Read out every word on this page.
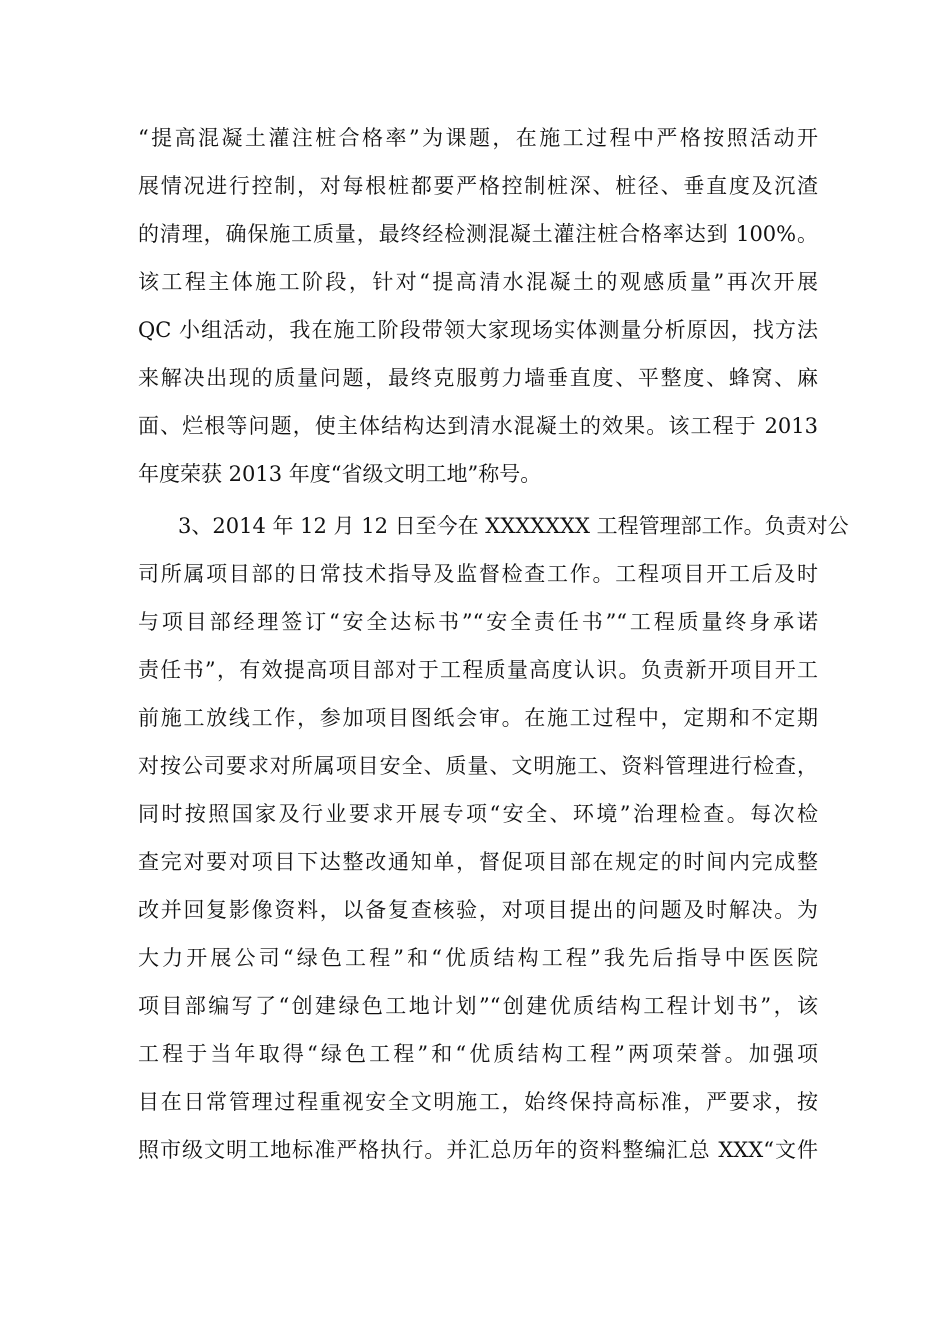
“提高混凝土灌注桩合格率”为课题，在施工过程中严格按照活动开
展情况进行控制，对每根桩都要严格控制桩深、桩径、垂直度及沉渣
的清理，确保施工质量，最终经检测混凝土灌注桩合格率达到 100%。
该工程主体施工阶段，针对“提高清水混凝土的观感质量”再次开展
QC 小组活动，我在施工阶段带领大家现场实体测量分析原因，找方法
来解决出现的质量问题，最终克服剪力墙垂直度、平整度、蜂窝、麻
面、烂根等问题，使主体结构达到清水混凝土的效果。该工程于 2013
年度荣获 2013 年度“省级文明工地”称号。
3、2014 年 12 月 12 日至今在 XXXXXXX 工程管理部工作。负责对公
司所属项目部的日常技术指导及监督检查工作。工程项目开工后及时
与项目部经理签订“安全达标书”“安全责任书”“工程质量终身承诺
责任书”，有效提高项目部对于工程质量高度认识。负责新开项目开工
前施工放线工作，参加项目图纸会审。在施工过程中，定期和不定期
对按公司要求对所属项目安全、质量、文明施工、资料管理进行检查，
同时按照国家及行业要求开展专项“安全、环境”治理检查。每次检
查完对要对项目下达整改通知单，督促项目部在规定的时间内完成整
改并回复影像资料，以备复查核验，对项目提出的问题及时解决。为
大力开展公司“绿色工程”和“优质结构工程”我先后指导中医医院
项目部编写了“创建绿色工地计划”“创建优质结构工程计划书”，该
工程于当年取得“绿色工程”和“优质结构工程”两项荣誉。加强项
目在日常管理过程重视安全文明施工，始终保持高标准，严要求，按
照市级文明工地标准严格执行。并汇总历年的资料整编汇总 XXX“文件
